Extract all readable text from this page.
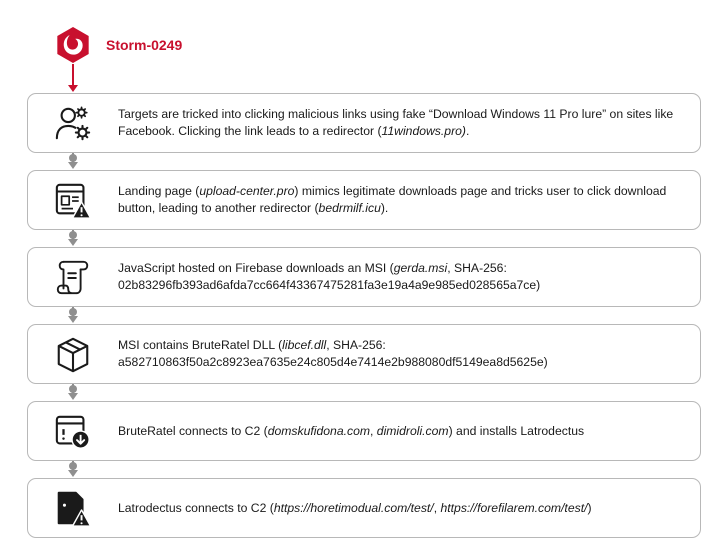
Storm-0249

Targets are tricked into clicking malicious links using fake “Download Windows 11 Pro lure” on sites like Facebook. Clicking the link leads to a redirector (11windows.pro).

Landing page (upload-center.pro) mimics legitimate downloads page and tricks user to click download button, leading to another redirector (bedrmilf.icu).

JavaScript hosted on Firebase downloads an MSI (gerda.msi, SHA-256: 02b83296fb393ad6afda7cc664f43367475281fa3e19a4a9e985ed028565a7ce)

MSI contains BruteRatel DLL (libcef.dll, SHA-256: a582710863f50a2c8923ea7635e24c805d4e7414e2b988080df5149ea8d5625e)

BruteRatel connects to C2 (domskufidona.com, dimidroli.com) and installs Latrodectus

Latrodectus connects to C2 (https://horetimodual.com/test/, https://forefilarem.com/test/)
